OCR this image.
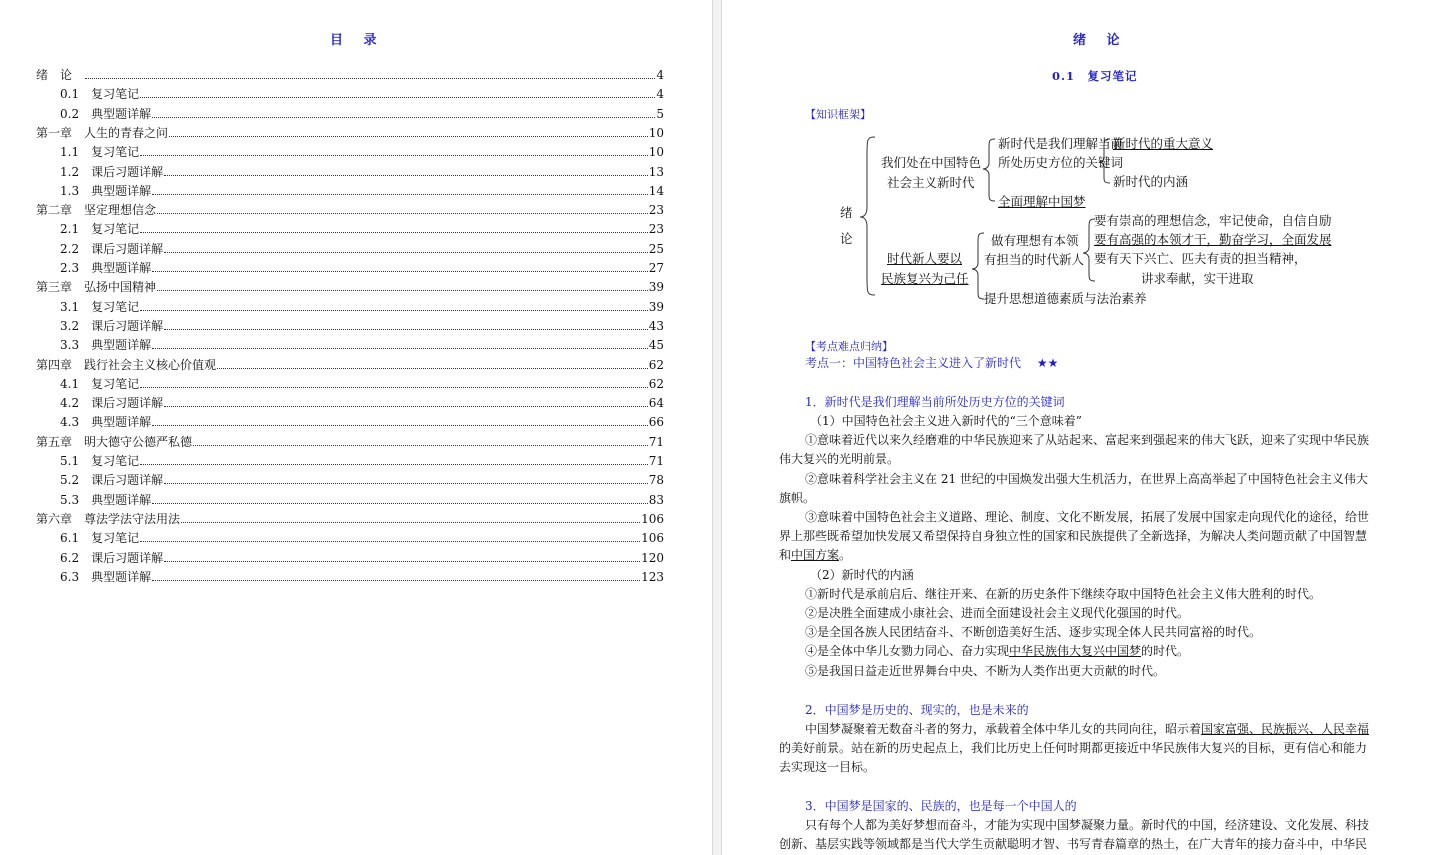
目 录
绪　论	4
0.1 复习笔记	4
0.2 典型题详解	5
第一章 人生的青春之问	10
1.1 复习笔记	10
1.2 课后习题详解	13
1.3 典型题详解	14
第二章 坚定理想信念	23
2.1 复习笔记	23
2.2 课后习题详解	25
2.3 典型题详解	27
第三章 弘扬中国精神	39
3.1 复习笔记	39
3.2 课后习题详解	43
3.3 典型题详解	45
第四章 践行社会主义核心价值观	62
4.1 复习笔记	62
4.2 课后习题详解	64
4.3 典型题详解	66
第五章 明大德守公德严私德	71
5.1 复习笔记	71
5.2 课后习题详解	78
5.3 典型题详解	83
第六章 尊法学法守法用法	106
6.1 复习笔记	106
6.2 课后习题详解	120
6.3 典型题详解	123
绪 论
0.1　复习笔记
【知识框架】
绪
论
我们处在中国特色
社会主义新时代
新时代是我们理解当前
所处历史方位的关键词
新时代的重大意义
新时代的内涵
全面理解中国梦
时代新人要以
民族复兴为己任
做有理想有本领
有担当的时代新人
要有崇高的理想信念，牢记使命，自信自励
要有高强的本领才干，勤奋学习，全面发展
要有天下兴亡、匹夫有责的担当精神，
讲求奉献，实干进取
提升思想道德素质与法治素养
【考点难点归纳】
考点一：中国特色社会主义进入了新时代 ★★
1．新时代是我们理解当前所处历史方位的关键词
（1）中国特色社会主义进入新时代的“三个意味着”
①意味着近代以来久经磨难的中华民族迎来了从站起来、富起来到强起来的伟大飞跃，迎来了实现中华民族
伟大复兴的光明前景。
②意味着科学社会主义在 21 世纪的中国焕发出强大生机活力，在世界上高高举起了中国特色社会主义伟大
旗帜。
③意味着中国特色社会主义道路、理论、制度、文化不断发展，拓展了发展中国家走向现代化的途径，给世
界上那些既希望加快发展又希望保持自身独立性的国家和民族提供了全新选择，为解决人类问题贡献了中国智慧
和中国方案。
（2）新时代的内涵
①新时代是承前启后、继往开来、在新的历史条件下继续夺取中国特色社会主义伟大胜利的时代。
②是决胜全面建成小康社会、进而全面建设社会主义现代化强国的时代。
③是全国各族人民团结奋斗、不断创造美好生活、逐步实现全体人民共同富裕的时代。
④是全体中华儿女勠力同心、奋力实现中华民族伟大复兴中国梦的时代。
⑤是我国日益走近世界舞台中央、不断为人类作出更大贡献的时代。
2．中国梦是历史的、现实的，也是未来的
中国梦凝聚着无数奋斗者的努力，承载着全体中华儿女的共同向往，昭示着国家富强、民族振兴、人民幸福
的美好前景。站在新的历史起点上，我们比历史上任何时期都更接近中华民族伟大复兴的目标，更有信心和能力
去实现这一目标。
3．中国梦是国家的、民族的，也是每一个中国人的
只有每个人都为美好梦想而奋斗，才能为实现中国梦凝聚力量。新时代的中国，经济建设、文化发展、科技
创新、基层实践等领域都是当代大学生贡献聪明才智、书写青春篇章的热土，在广大青年的接力奋斗中，中华民
